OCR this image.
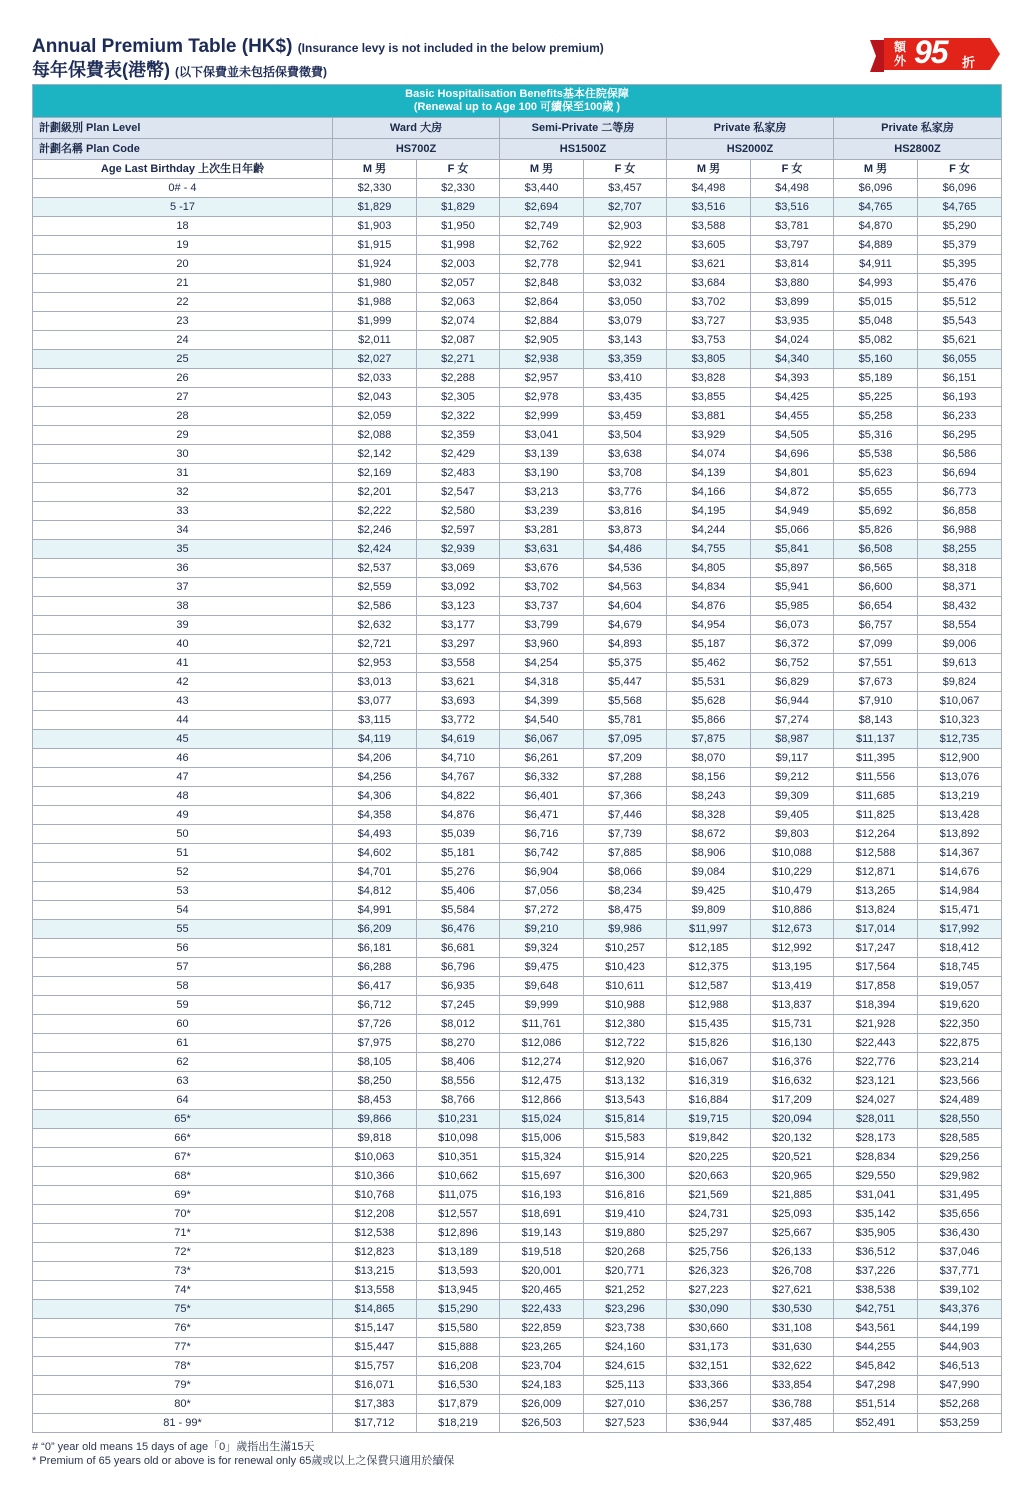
Annual Premium Table (HK$) (Insurance levy is not included in the below premium)
每年保費表(港幣) (以下保費並未包括保費徵費)
額外 95 折
Basic Hospitalisation Benefits基本住院保障
(Renewal up to Age 100 可續保至100歲 )								

計劃級別 Plan Level	Ward 大房		Semi-Private 二等房		Private 私家房		Private 私家房	
計劃名稱 Plan Code	HS700Z		HS1500Z		HS2000Z		HS2800Z	
Age Last Birthday 上次生日年齡	M 男	F 女	M 男	F 女	M 男	F 女	M 男	F 女
0# - 4	$2,330	$2,330	$3,440	$3,457	$4,498	$4,498	$6,096	$6,096
5 -17	$1,829	$1,829	$2,694	$2,707	$3,516	$3,516	$4,765	$4,765
18	$1,903	$1,950	$2,749	$2,903	$3,588	$3,781	$4,870	$5,290
19	$1,915	$1,998	$2,762	$2,922	$3,605	$3,797	$4,889	$5,379
20	$1,924	$2,003	$2,778	$2,941	$3,621	$3,814	$4,911	$5,395
21	$1,980	$2,057	$2,848	$3,032	$3,684	$3,880	$4,993	$5,476
22	$1,988	$2,063	$2,864	$3,050	$3,702	$3,899	$5,015	$5,512
23	$1,999	$2,074	$2,884	$3,079	$3,727	$3,935	$5,048	$5,543
24	$2,011	$2,087	$2,905	$3,143	$3,753	$4,024	$5,082	$5,621
25	$2,027	$2,271	$2,938	$3,359	$3,805	$4,340	$5,160	$6,055
26	$2,033	$2,288	$2,957	$3,410	$3,828	$4,393	$5,189	$6,151
27	$2,043	$2,305	$2,978	$3,435	$3,855	$4,425	$5,225	$6,193
28	$2,059	$2,322	$2,999	$3,459	$3,881	$4,455	$5,258	$6,233
29	$2,088	$2,359	$3,041	$3,504	$3,929	$4,505	$5,316	$6,295
30	$2,142	$2,429	$3,139	$3,638	$4,074	$4,696	$5,538	$6,586
31	$2,169	$2,483	$3,190	$3,708	$4,139	$4,801	$5,623	$6,694
32	$2,201	$2,547	$3,213	$3,776	$4,166	$4,872	$5,655	$6,773
33	$2,222	$2,580	$3,239	$3,816	$4,195	$4,949	$5,692	$6,858
34	$2,246	$2,597	$3,281	$3,873	$4,244	$5,066	$5,826	$6,988
35	$2,424	$2,939	$3,631	$4,486	$4,755	$5,841	$6,508	$8,255
36	$2,537	$3,069	$3,676	$4,536	$4,805	$5,897	$6,565	$8,318
37	$2,559	$3,092	$3,702	$4,563	$4,834	$5,941	$6,600	$8,371
38	$2,586	$3,123	$3,737	$4,604	$4,876	$5,985	$6,654	$8,432
39	$2,632	$3,177	$3,799	$4,679	$4,954	$6,073	$6,757	$8,554
40	$2,721	$3,297	$3,960	$4,893	$5,187	$6,372	$7,099	$9,006
41	$2,953	$3,558	$4,254	$5,375	$5,462	$6,752	$7,551	$9,613
42	$3,013	$3,621	$4,318	$5,447	$5,531	$6,829	$7,673	$9,824
43	$3,077	$3,693	$4,399	$5,568	$5,628	$6,944	$7,910	$10,067
44	$3,115	$3,772	$4,540	$5,781	$5,866	$7,274	$8,143	$10,323
45	$4,119	$4,619	$6,067	$7,095	$7,875	$8,987	$11,137	$12,735
46	$4,206	$4,710	$6,261	$7,209	$8,070	$9,117	$11,395	$12,900
47	$4,256	$4,767	$6,332	$7,288	$8,156	$9,212	$11,556	$13,076
48	$4,306	$4,822	$6,401	$7,366	$8,243	$9,309	$11,685	$13,219
49	$4,358	$4,876	$6,471	$7,446	$8,328	$9,405	$11,825	$13,428
50	$4,493	$5,039	$6,716	$7,739	$8,672	$9,803	$12,264	$13,892
51	$4,602	$5,181	$6,742	$7,885	$8,906	$10,088	$12,588	$14,367
52	$4,701	$5,276	$6,904	$8,066	$9,084	$10,229	$12,871	$14,676
53	$4,812	$5,406	$7,056	$8,234	$9,425	$10,479	$13,265	$14,984
54	$4,991	$5,584	$7,272	$8,475	$9,809	$10,886	$13,824	$15,471
55	$6,209	$6,476	$9,210	$9,986	$11,997	$12,673	$17,014	$17,992
56	$6,181	$6,681	$9,324	$10,257	$12,185	$12,992	$17,247	$18,412
57	$6,288	$6,796	$9,475	$10,423	$12,375	$13,195	$17,564	$18,745
58	$6,417	$6,935	$9,648	$10,611	$12,587	$13,419	$17,858	$19,057
59	$6,712	$7,245	$9,999	$10,988	$12,988	$13,837	$18,394	$19,620
60	$7,726	$8,012	$11,761	$12,380	$15,435	$15,731	$21,928	$22,350
61	$7,975	$8,270	$12,086	$12,722	$15,826	$16,130	$22,443	$22,875
62	$8,105	$8,406	$12,274	$12,920	$16,067	$16,376	$22,776	$23,214
63	$8,250	$8,556	$12,475	$13,132	$16,319	$16,632	$23,121	$23,566
64	$8,453	$8,766	$12,866	$13,543	$16,884	$17,209	$24,027	$24,489
65*	$9,866	$10,231	$15,024	$15,814	$19,715	$20,094	$28,011	$28,550
66*	$9,818	$10,098	$15,006	$15,583	$19,842	$20,132	$28,173	$28,585
67*	$10,063	$10,351	$15,324	$15,914	$20,225	$20,521	$28,834	$29,256
68*	$10,366	$10,662	$15,697	$16,300	$20,663	$20,965	$29,550	$29,982
69*	$10,768	$11,075	$16,193	$16,816	$21,569	$21,885	$31,041	$31,495
70*	$12,208	$12,557	$18,691	$19,410	$24,731	$25,093	$35,142	$35,656
71*	$12,538	$12,896	$19,143	$19,880	$25,297	$25,667	$35,905	$36,430
72*	$12,823	$13,189	$19,518	$20,268	$25,756	$26,133	$36,512	$37,046
73*	$13,215	$13,593	$20,001	$20,771	$26,323	$26,708	$37,226	$37,771
74*	$13,558	$13,945	$20,465	$21,252	$27,223	$27,621	$38,538	$39,102
75*	$14,865	$15,290	$22,433	$23,296	$30,090	$30,530	$42,751	$43,376
76*	$15,147	$15,580	$22,859	$23,738	$30,660	$31,108	$43,561	$44,199
77*	$15,447	$15,888	$23,265	$24,160	$31,173	$31,630	$44,255	$44,903
78*	$15,757	$16,208	$23,704	$24,615	$32,151	$32,622	$45,842	$46,513
79*	$16,071	$16,530	$24,183	$25,113	$33,366	$33,854	$47,298	$47,990
80*	$17,383	$17,879	$26,009	$27,010	$36,257	$36,788	$51,514	$52,268
81 - 99*	$17,712	$18,219	$26,503	$27,523	$36,944	$37,485	$52,491	$53,259
# “0” year old means 15 days of age「0」歲指出生滿15天
* Premium of 65 years old or above is for renewal only 65歲或以上之保費只適用於續保
